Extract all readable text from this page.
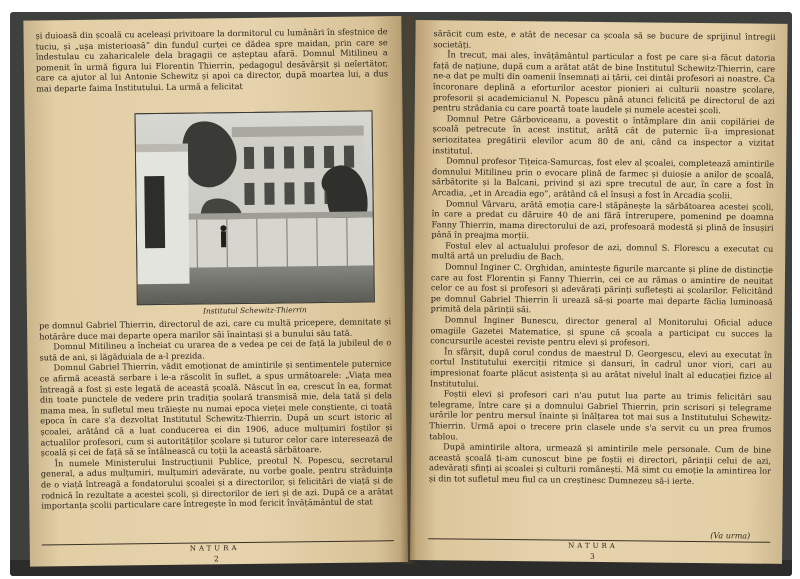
și duioasă din școală cu aceleași privitoare la dormitorul cu lumânări în sfeștnice de tuciu, și „uşa misterioasă” din fundul curței ce dădea spre maidan, prin care se îndestulau cu zaharicalele dela bragagii ce așteptau afară. Domnul Mitilineu a pomenit în urmă figura lui Florentin Thierrin, pedagogul desăvârșit și neîertător, care ca ajutor al lui Antonie Schewitz și apoi ca director, după moartea lui, a dus mai departe faima Institutului. La urmă a felicitat

Institutul Schewitz-Thierrin

pe domnul Gabriel Thierrin, directorul de azi, care cu multă pricepere, demnitate și hotărâre duce mai departe opera marilor săi înaintași și a bunului său tată.

Domnul Mitilineu a încheiat cu urarea de a vedea pe cei de față la jubileul de o sută de ani, și lăgăduiala de a-l prezida.

Domnul Gabriel Thierrin, vădit emoționat de amintirile și sentimentele puternice ce afirmă această serbare i le-a răscolit în suflet, a spus următoarele: „Viața mea întreagă a fost și este legată de această școală. Născut în ea, crescut în ea, format din toate punctele de vedere prin tradiția șoolară transmisă mie, dela tată și dela mama mea, în sufletul meu trăiește nu numai epoca vieței mele conștiente, ci toată epoca în care s'a dezvoltat Institutul Schewitz-Thierrin. După un scurt istoric al școalei, arătând că a luat conducerea ei din 1906, aduce mulțumiri foștilor și actualilor profesori, cum și autorităților școlare și tuturor celor care interesează de școală și cei de față să se întâlnească cu toții la această sărbătoare.

În numele Ministerului Instrucțiunii Publice, preotul N. Popescu, secretarul general, a adus mulțumiri, mulțumiri adevărate, nu vorbe goale, pentru străduința de o viață întreagă a fondatorului școalei și a directorilor, și felicitări de viață și de rodnică în rezultate a acestei școli, și directorilor de ieri și de azi. După ce a arătat importanța școlii particulare care întregește în mod fericit învățământul de stat

NATURA
2

sărăcit cum este, e atât de necesar ca școala să se bucure de sprijinul întregii societăți.

În trecut, mai ales, învățământul particular a fost pe care și-a făcut datoria față de națiune, după cum a arătat atât de bine Institutul Schewitz-Thierrin, care ne-a dat pe mulți din oamenii însemnați ai țării, cei dintâi profesori ai noastre. Ca încoronare deplină a eforturilor acestor pionieri ai culturii noastre școlare, profesorii și academicianul N. Popescu până atunci felicită pe directorul de azi pentru strădania cu care poartă toate laudele și numele acestei școli.

Domnul Petre Gârboviceanu, a povestit o întâmplare din anii copilăriei de școală petrecute în acest institut, arătă cât de puternic îi-a impresionat seriozitatea pregătirii elevilor acum 80 de ani, când ca inspector a vizitat institutul.

Domnul profesor Tițeica-Samurcaș, fost elev al școalei, completează amintirile domnului Mitilineu prin o evocare plină de farmec și duioșie a anilor de școală, sărbătorite și la Balcani, privind și azi spre trecutul de aur, în care a fost în Arcadia, „et in Arcadia ego”, arătând că el însuși a fost în Arcadia școlii.

Domnul Vârvaru, arătă emoția care-l stăpânește la sărbătoarea acestei școli, în care a predat cu dăruire 40 de ani fără întrerupere, pomenind pe doamna Fanny Thierrin, mama directorului de azi, profesoară modestă și plină de însușiri până în preajma morții.

Fostul elev al actualului profesor de azi, domnul S. Florescu a executat cu multă artă un preludiu de Bach.

Domnul Inginer C. Orghidan, amintește figurile marcante și pline de distincție care au fost Florentin și Fanny Thierrin, cei ce au rămas o amintire de neuitat celor ce au fost și profesori și adevărați părinți sufletești ai școlarilor. Felicitând pe domnul Gabriel Thierrin îi urează să-și poarte mai departe făclia luminoasă primită dela părinții săi.

Domnul Inginer Bunescu, director general al Monitorului Oficial aduce omagiile Gazetei Matematice, și spune că școala a participat cu succes la concursurile acestei reviste pentru elevi și profesori.

În sfârșit, după corul condus de maestrul D. Georgescu, elevi au executat în cortul Institutului exerciții ritmice și dansuri, în cadrul unor viori, cari au impresionat foarte plăcut asistența și au arătat nivelul înalt al educației fizice al Institutului.

Foștii elevi și profesori cari n'au putut lua parte au trimis felicitări sau telegrame, între care și a domnului Gabriel Thierrin, prin scrisori și telegrame urările lor pentru mersul înainte și înălțarea tot mai sus a Institutului Schewitz-Thierrin. Urmă apoi o trecere prin clasele unde s'a servit cu un prea frumos tablou.

După amintirile altora, urmează și amintirile mele personale. Cum de bine această școală ți-am cunoscut bine pe foștii ei directori, părinții celui de azi, adevărați sfinți ai școalei și culturii românești. Mă simt cu emoție la amintirea lor și din tot sufletul meu fiul ca un creștinesc Dumnezeu să-i ierte.

(Va urma)
NATURA
3
